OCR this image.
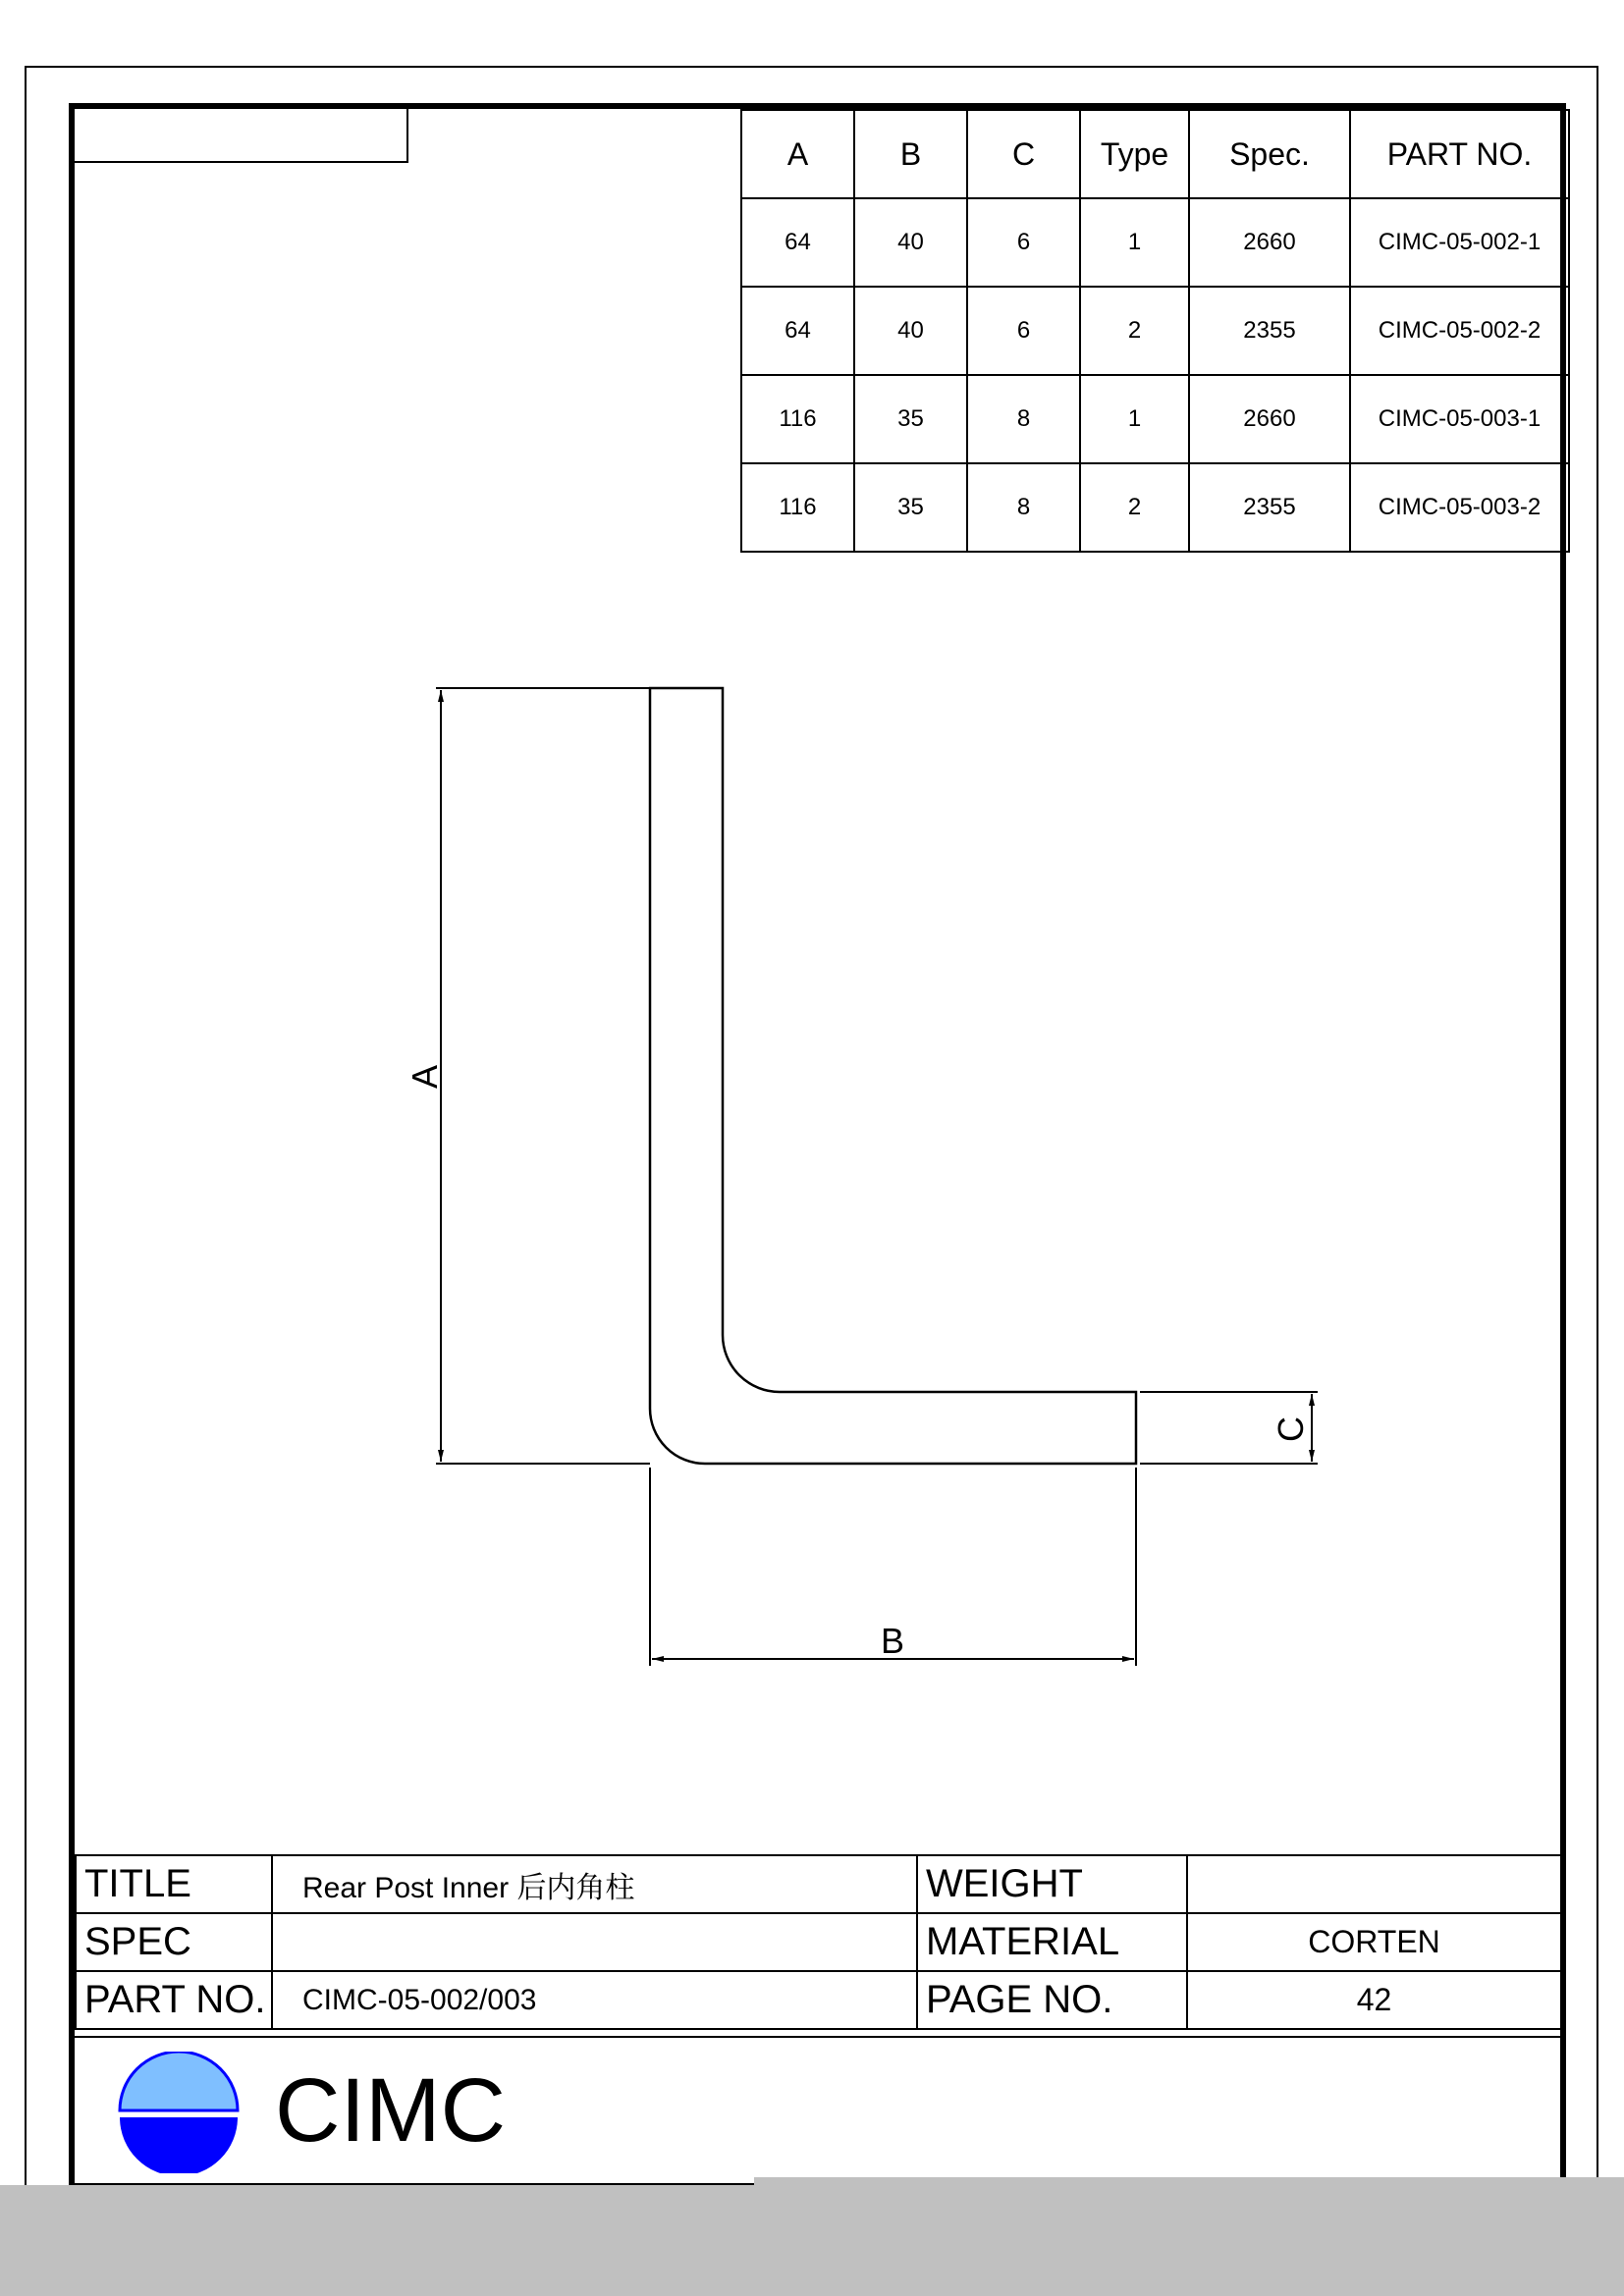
A	B	C	Type	Spec.	PART NO.
64	40	6	1	2660	CIMC-05-002-1
64	40	6	2	2355	CIMC-05-002-2
116	35	8	1	2660	CIMC-05-003-1
116	35	8	2	2355	CIMC-05-003-2
A
B
C
TITLE	Rear Post Inner 后内角柱	WEIGHT	
SPEC		MATERIAL	CORTEN
PART NO.	CIMC-05-002/003	PAGE NO.	42
CIMC
